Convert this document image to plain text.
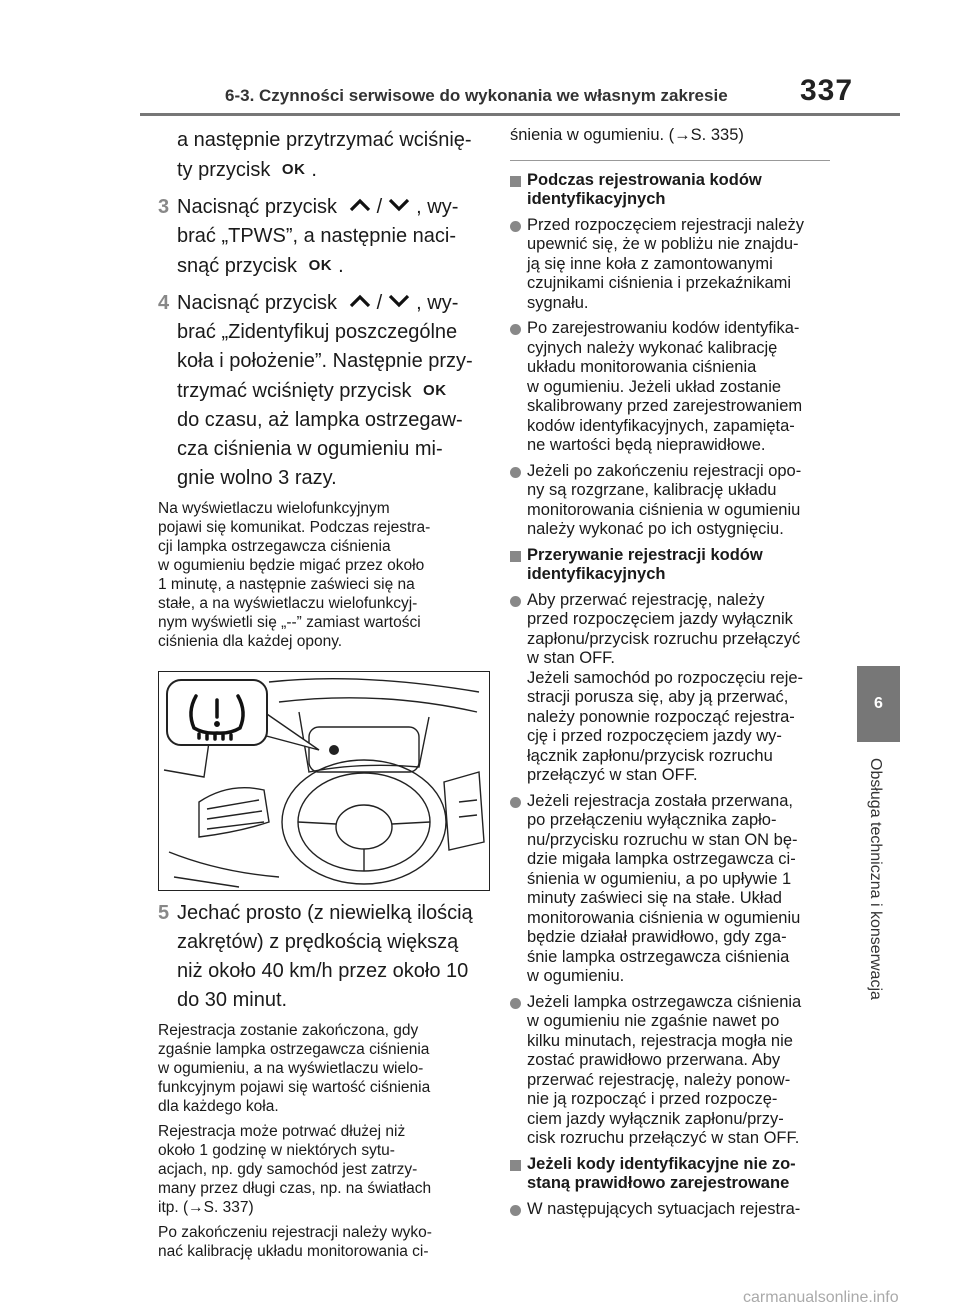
6-3. Czynności serwisowe do wykonania we własnym zakresie 337
6
Obsługa techniczna i konserwacja
a następnie przytrzymać wciśnię-
ty przycisk OK .
3 Nacisnąć przycisk / , wy-
brać „TPWS”, a następnie naci-
snąć przycisk OK .
4 Nacisnąć przycisk / , wy-
brać „Zidentyfikuj poszczególne
koła i położenie”. Następnie przy-
trzymać wciśnięty przycisk OK
do czasu, aż lampka ostrzegaw-
cza ciśnienia w ogumieniu mi-
gnie wolno 3 razy.
Na wyświetlaczu wielofunkcyjnym
pojawi się komunikat. Podczas rejestra-
cji lampka ostrzegawcza ciśnienia
w ogumieniu będzie migać przez około
1 minutę, a następnie zaświeci się na
stałe, a na wyświetlaczu wielofunkcyj-
nym wyświetli się „--” zamiast wartości
ciśnienia dla każdej opony.
5 Jechać prosto (z niewielką ilością
zakrętów) z prędkością większą
niż około 40 km/h przez około 10
do 30 minut.
Rejestracja zostanie zakończona, gdy
zgaśnie lampka ostrzegawcza ciśnienia
w ogumieniu, a na wyświetlaczu wielo-
funkcyjnym pojawi się wartość ciśnienia
dla każdego koła.
Rejestracja może potrwać dłużej niż
około 1 godzinę w niektórych sytu-
acjach, np. gdy samochód jest zatrzy-
many przez długi czas, np. na światłach
itp. (→S. 337)
Po zakończeniu rejestracji należy wyko-
nać kalibrację układu monitorowania ci-
śnienia w ogumieniu. (→S. 335)
Podczas rejestrowania kodów
identyfikacyjnych
Przed rozpoczęciem rejestracji należy
upewnić się, że w pobliżu nie znajdu-
ją się inne koła z zamontowanymi
czujnikami ciśnienia i przekaźnikami
sygnału.
Po zarejestrowaniu kodów identyfika-
cyjnych należy wykonać kalibrację
układu monitorowania ciśnienia
w ogumieniu. Jeżeli układ zostanie
skalibrowany przed zarejestrowaniem
kodów identyfikacyjnych, zapamięta-
ne wartości będą nieprawidłowe.
Jeżeli po zakończeniu rejestracji opo-
ny są rozgrzane, kalibrację układu
monitorowania ciśnienia w ogumieniu
należy wykonać po ich ostygnięciu.
Przerywanie rejestracji kodów
identyfikacyjnych
Aby przerwać rejestrację, należy
przed rozpoczęciem jazdy wyłącznik
zapłonu/przycisk rozruchu przełączyć
w stan OFF.
Jeżeli samochód po rozpoczęciu reje-
stracji porusza się, aby ją przerwać,
należy ponownie rozpocząć rejestra-
cję i przed rozpoczęciem jazdy wy-
łącznik zapłonu/przycisk rozruchu
przełączyć w stan OFF.
Jeżeli rejestracja została przerwana,
po przełączeniu wyłącznika zapło-
nu/przycisku rozruchu w stan ON bę-
dzie migała lampka ostrzegawcza ci-
śnienia w ogumieniu, a po upływie 1
minuty zaświeci się na stałe. Układ
monitorowania ciśnienia w ogumieniu
będzie działał prawidłowo, gdy zga-
śnie lampka ostrzegawcza ciśnienia
w ogumieniu.
Jeżeli lampka ostrzegawcza ciśnienia
w ogumieniu nie zgaśnie nawet po
kilku minutach, rejestracja mogła nie
zostać prawidłowo przerwana. Aby
przerwać rejestrację, należy ponow-
nie ją rozpocząć i przed rozpoczę-
ciem jazdy wyłącznik zapłonu/przy-
cisk rozruchu przełączyć w stan OFF.
Jeżeli kody identyfikacyjne nie zo-
staną prawidłowo zarejestrowane
W następujących sytuacjach rejestra-
carmanualsonline.info
